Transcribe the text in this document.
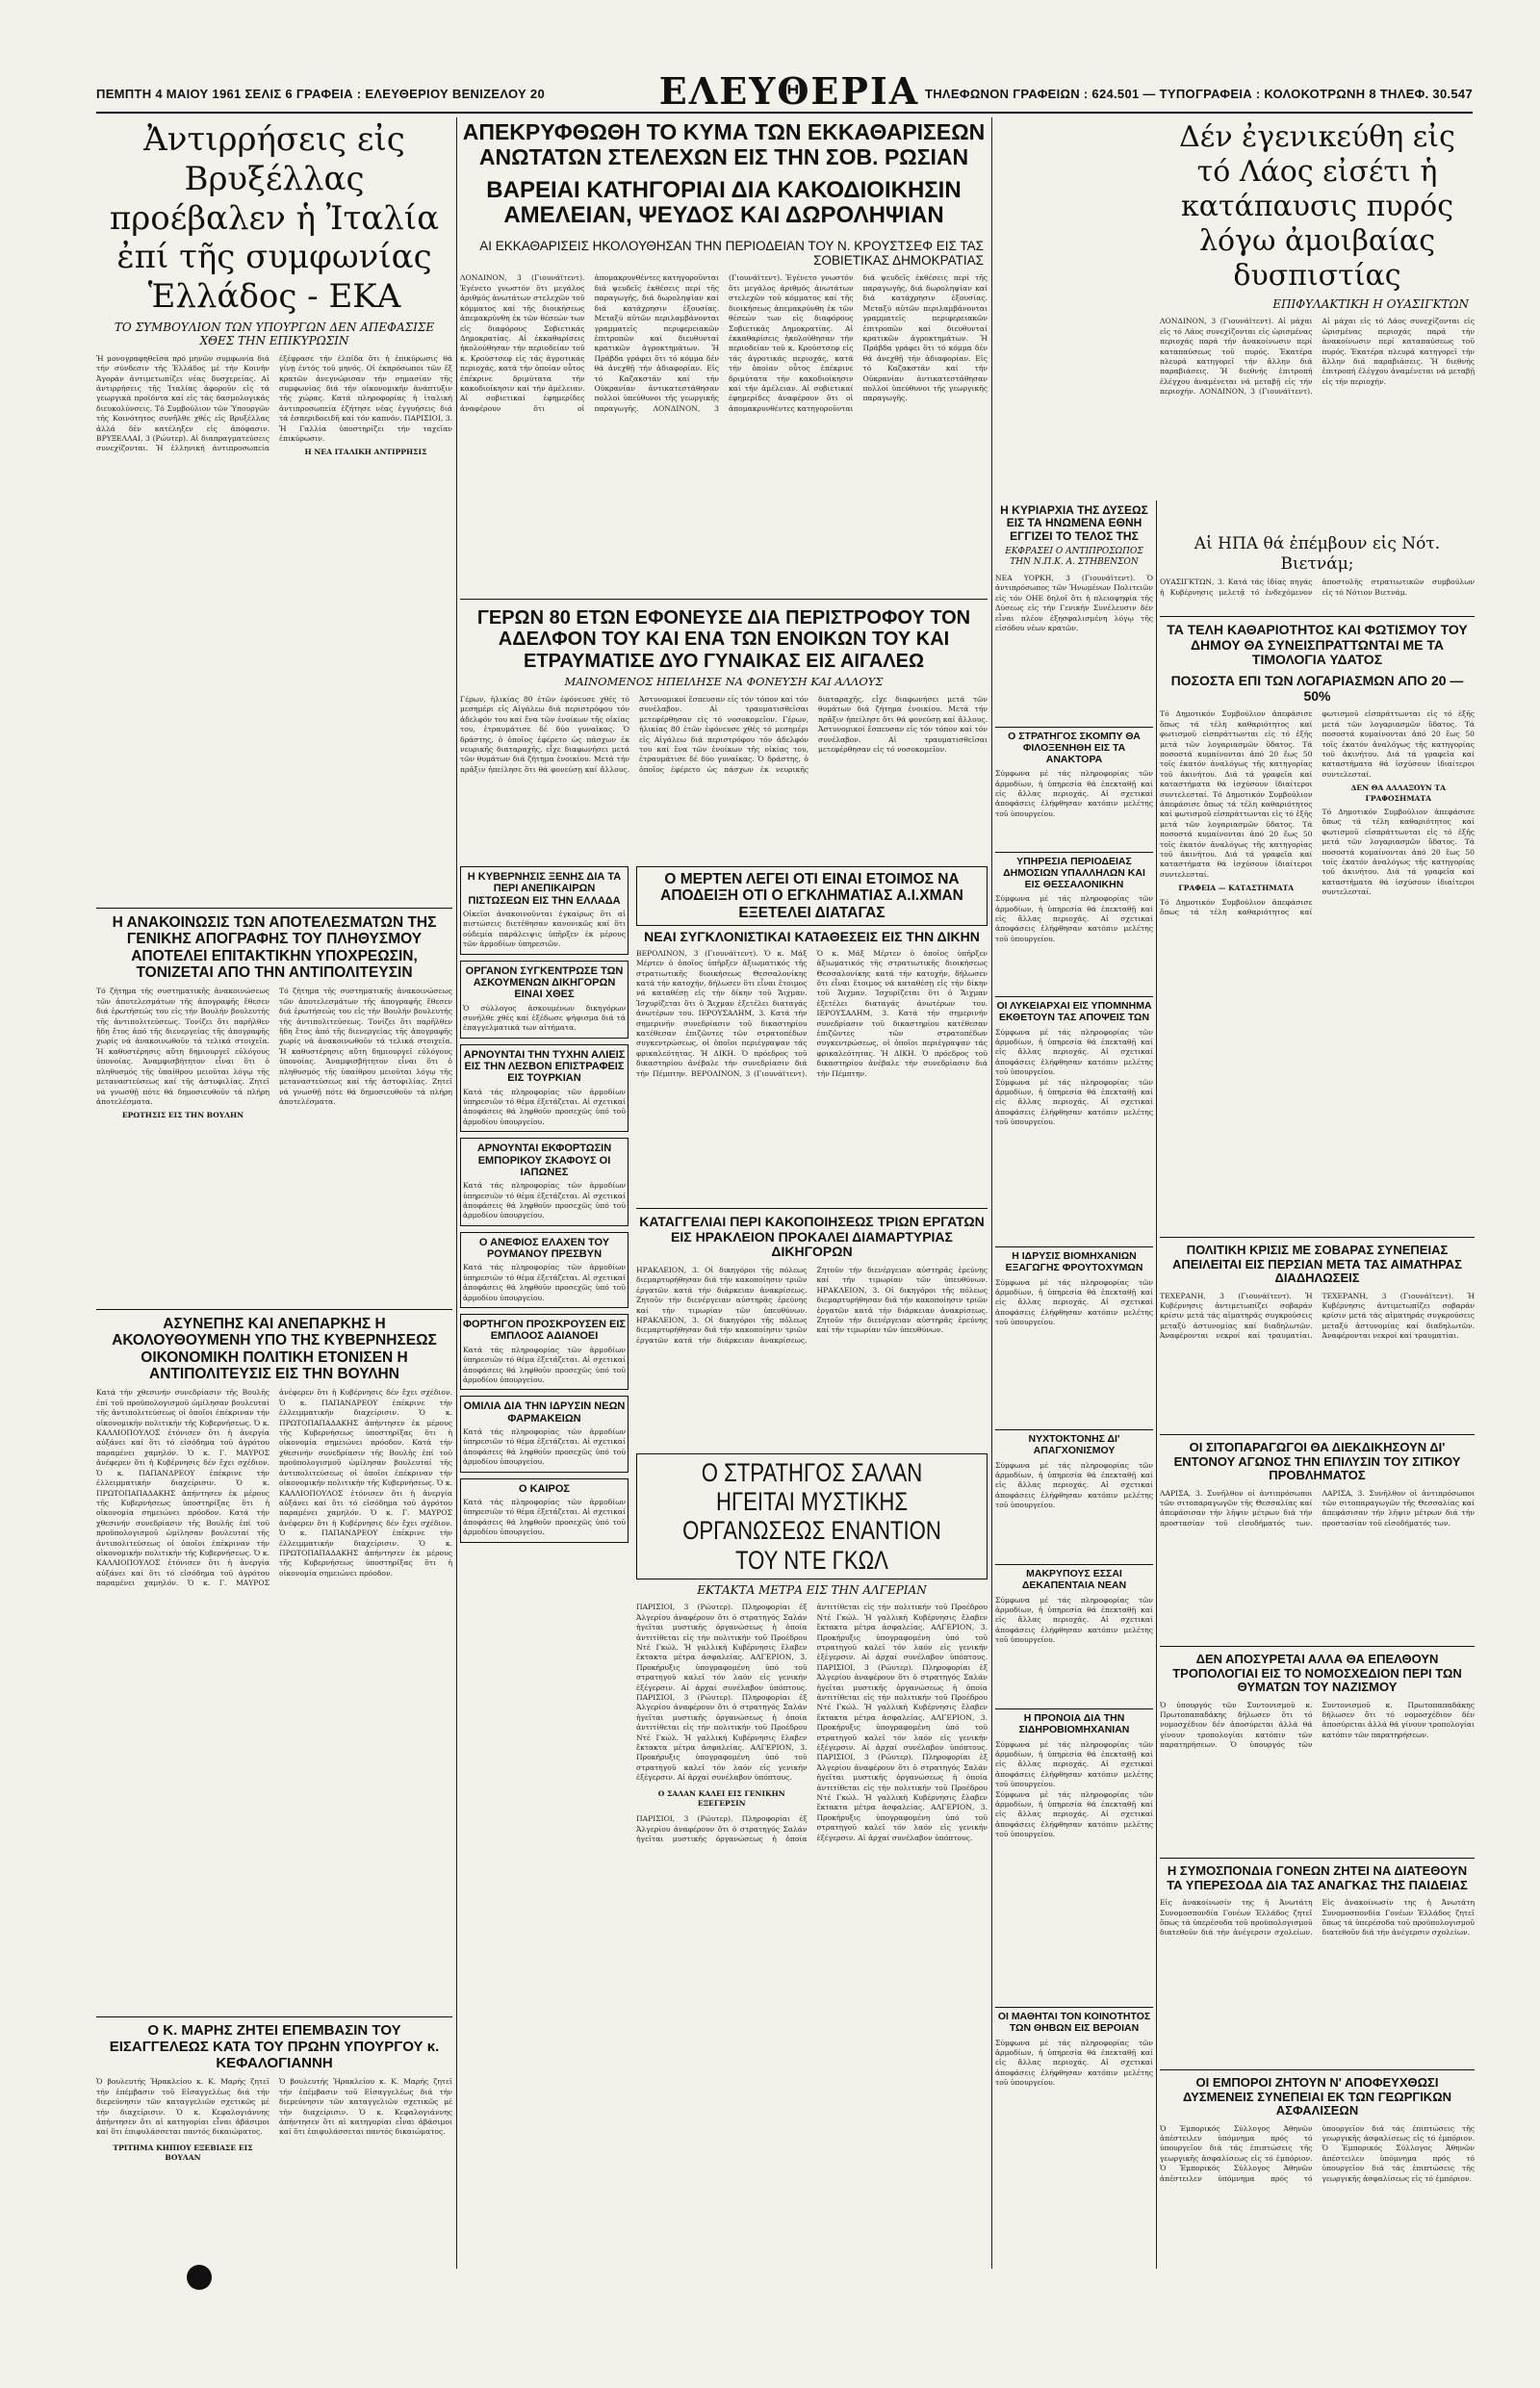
ΠΕΜΠΤΗ 4 ΜΑΙΟΥ 1961 ΣΕΛΙΣ 6 ΓΡΑΦΕΙΑ : ΕΛΕΥΘΕΡΙΟΥ ΒΕΝΙΖΕΛΟΥ 20	ΕΛΕΥΘΕΡΙΑ ΤΗΛΕΦΩΝΟΝ ΓΡΑΦΕΙΩΝ : 624.501 — ΤΥΠΟΓΡΑΦΕΙΑ : ΚΟΛΟΚΟΤΡΩΝΗ 8 ΤΗΛΕΦ. 30.547
Ἀντιρρήσεις εἰς Βρυξέλλας προέβαλεν ἡ Ἰταλία ἐπί τῆς συμφωνίας Ἑλλάδος - ΕΚΑ
ΤΟ ΣΥΜΒΟΥΛΙΟΝ ΤΩΝ ΥΠΟΥΡΓΩΝ ΔΕΝ ΑΠΕΦΑΣΙΣΕ ΧΘΕΣ ΤΗΝ ΕΠΙΚΥΡΩΣΙΝ
Ἡ μονογραφηθεῖσα πρό μηνῶν συμφωνία διά τήν σύνδεσιν τῆς Ἑλλάδος μέ τήν Κοινήν Ἀγοράν ἀντιμετωπίζει νέας δυσχερείας. Αἱ ἀντιρρήσεις τῆς Ἰταλίας ἀφοροῦν εἰς τά γεωργικά προϊόντα καί εἰς τάς δασμολογικάς διευκολύνσεις. Τό Συμβούλιον τῶν Ὑπουργῶν τῆς Κοινότητος συνῆλθε χθές εἰς Βρυξέλλας ἀλλά δέν κατέληξεν εἰς ἀπόφασιν. ΒΡΥΞΕΛΛΑΙ, 3 (Ρώυτερ). Αἱ διαπραγματεύσεις συνεχίζονται. Ἡ ἑλληνική ἀντιπροσωπεία ἐξέφρασε τήν ἐλπίδα ὅτι ἡ ἐπικύρωσις θά γίνῃ ἐντός τοῦ μηνός. Οἱ ἐκπρόσωποι τῶν ἕξ κρατῶν ἀνεγνώρισαν τήν σημασίαν τῆς συμφωνίας διά τήν οἰκονομικήν ἀνάπτυξιν τῆς χώρας. Κατά πληροφορίας ἡ ἰταλική ἀντιπροσωπεία ἐζήτησε νέας ἐγγυήσεις διά τά ἐσπεριδοειδῆ καί τόν καπνόν. ΠΑΡΙΣΙΟΙ, 3. Ἡ Γαλλία ὑποστηρίζει τήν ταχεῖαν ἐπικύρωσιν.
Η ΝΕΑ ΙΤΑΛΙΚΗ ΑΝΤΙΡΡΗΣΙΣ
Η ΑΝΑΚΟΙΝΩΣΙΣ ΤΩΝ ΑΠΟΤΕΛΕΣΜΑΤΩΝ ΤΗΣ ΓΕΝΙΚΗΣ ΑΠΟΓΡΑΦΗΣ ΤΟΥ ΠΛΗΘΥΣΜΟΥ ΑΠΟΤΕΛΕΙ ΕΠΙΤΑΚΤΙΚΗΝ ΥΠΟΧΡΕΩΣΙΝ, ΤΟΝΙΖΕΤΑΙ ΑΠΟ ΤΗΝ ΑΝΤΙΠΟΛΙΤΕΥΣΙΝ
Τό ζήτημα τῆς συστηματικῆς ἀνακοινώσεως τῶν ἀποτελεσμάτων τῆς ἀπογραφῆς ἔθεσεν διά ἐρωτήσεώς του εἰς τήν Βουλήν βουλευτής τῆς ἀντιπολιτεύσεως. Τονίζει ὅτι παρῆλθεν ἤδη ἔτος ἀπό τῆς διενεργείας τῆς ἀπογραφῆς χωρίς νά ἀνακοινωθοῦν τά τελικά στοιχεῖα. Ἡ καθυστέρησις αὕτη δημιουργεῖ εὐλόγους ὑπονοίας. Ἀναμφισβήτητον εἶναι ὅτι ὁ πληθυσμός τῆς ὑπαίθρου μειοῦται λόγῳ τῆς μεταναστεύσεως καί τῆς ἀστυφιλίας. Ζητεῖ νά γνωσθῇ πότε θά δημοσιευθοῦν τά πλήρη ἀποτελέσματα.
ΕΡΩΤΗΣΙΣ ΕΙΣ ΤΗΝ ΒΟΥΛΗΝ
Τό ζήτημα τῆς συστηματικῆς ἀνακοινώσεως τῶν ἀποτελεσμάτων τῆς ἀπογραφῆς ἔθεσεν διά ἐρωτήσεώς του εἰς τήν Βουλήν βουλευτής τῆς ἀντιπολιτεύσεως. Τονίζει ὅτι παρῆλθεν ἤδη ἔτος ἀπό τῆς διενεργείας τῆς ἀπογραφῆς χωρίς νά ἀνακοινωθοῦν τά τελικά στοιχεῖα. Ἡ καθυστέρησις αὕτη δημιουργεῖ εὐλόγους ὑπονοίας. Ἀναμφισβήτητον εἶναι ὅτι ὁ πληθυσμός τῆς ὑπαίθρου μειοῦται λόγῳ τῆς μεταναστεύσεως καί τῆς ἀστυφιλίας. Ζητεῖ νά γνωσθῇ πότε θά δημοσιευθοῦν τά πλήρη ἀποτελέσματα.
ΑΣΥΝΕΠΗΣ ΚΑΙ ΑΝΕΠΑΡΚΗΣ Η ΑΚΟΛΟΥΘΟΥΜΕΝΗ ΥΠΟ ΤΗΣ ΚΥΒΕΡΝΗΣΕΩΣ ΟΙΚΟΝΟΜΙΚΗ ΠΟΛΙΤΙΚΗ ΕΤΟΝΙΣΕΝ Η ΑΝΤΙΠΟΛΙΤΕΥΣΙΣ ΕΙΣ ΤΗΝ ΒΟΥΛΗΝ
Κατά τήν χθεσινήν συνεδρίασιν τῆς Βουλῆς ἐπί τοῦ προϋπολογισμοῦ ὡμίλησαν βουλευταί τῆς ἀντιπολιτεύσεως οἱ ὁποῖοι ἐπέκριναν τήν οἰκονομικήν πολιτικήν τῆς Κυβερνήσεως. Ὁ κ. ΚΑΛΛΙΟΠΟΥΛΟΣ ἐτόνισεν ὅτι ἡ ἀνεργία αὐξάνει καί ὅτι τό εἰσόδημα τοῦ ἀγρότου παραμένει χαμηλόν. Ὁ κ. Γ. ΜΑΥΡΟΣ ἀνέφερεν ὅτι ἡ Κυβέρνησις δέν ἔχει σχέδιον. Ὁ κ. ΠΑΠΑΝΔΡΕΟΥ ἐπέκρινε τήν ἐλλειμματικήν διαχείρισιν. Ὁ κ. ΠΡΩΤΟΠΑΠΑΔΑΚΗΣ ἀπήντησεν ἐκ μέρους τῆς Κυβερνήσεως ὑποστηρίξας ὅτι ἡ οἰκονομία σημειώνει πρόοδον. Κατά τήν χθεσινήν συνεδρίασιν τῆς Βουλῆς ἐπί τοῦ προϋπολογισμοῦ ὡμίλησαν βουλευταί τῆς ἀντιπολιτεύσεως οἱ ὁποῖοι ἐπέκριναν τήν οἰκονομικήν πολιτικήν τῆς Κυβερνήσεως. Ὁ κ. ΚΑΛΛΙΟΠΟΥΛΟΣ ἐτόνισεν ὅτι ἡ ἀνεργία αὐξάνει καί ὅτι τό εἰσόδημα τοῦ ἀγρότου παραμένει χαμηλόν. Ὁ κ. Γ. ΜΑΥΡΟΣ ἀνέφερεν ὅτι ἡ Κυβέρνησις δέν ἔχει σχέδιον. Ὁ κ. ΠΑΠΑΝΔΡΕΟΥ ἐπέκρινε τήν ἐλλειμματικήν διαχείρισιν. Ὁ κ. ΠΡΩΤΟΠΑΠΑΔΑΚΗΣ ἀπήντησεν ἐκ μέρους τῆς Κυβερνήσεως ὑποστηρίξας ὅτι ἡ οἰκονομία σημειώνει πρόοδον. Κατά τήν χθεσινήν συνεδρίασιν τῆς Βουλῆς ἐπί τοῦ προϋπολογισμοῦ ὡμίλησαν βουλευταί τῆς ἀντιπολιτεύσεως οἱ ὁποῖοι ἐπέκριναν τήν οἰκονομικήν πολιτικήν τῆς Κυβερνήσεως. Ὁ κ. ΚΑΛΛΙΟΠΟΥΛΟΣ ἐτόνισεν ὅτι ἡ ἀνεργία αὐξάνει καί ὅτι τό εἰσόδημα τοῦ ἀγρότου παραμένει χαμηλόν. Ὁ κ. Γ. ΜΑΥΡΟΣ ἀνέφερεν ὅτι ἡ Κυβέρνησις δέν ἔχει σχέδιον. Ὁ κ. ΠΑΠΑΝΔΡΕΟΥ ἐπέκρινε τήν ἐλλειμματικήν διαχείρισιν. Ὁ κ. ΠΡΩΤΟΠΑΠΑΔΑΚΗΣ ἀπήντησεν ἐκ μέρους τῆς Κυβερνήσεως ὑποστηρίξας ὅτι ἡ οἰκονομία σημειώνει πρόοδον.
Ο Κ. ΜΑΡΗΣ ΖΗΤΕΙ ΕΠΕΜΒΑΣΙΝ ΤΟΥ ΕΙΣΑΓΓΕΛΕΩΣ ΚΑΤΑ ΤΟΥ ΠΡΩΗΝ ΥΠΟΥΡΓΟΥ κ. ΚΕΦΑΛΟΓΙΑΝΝΗ
Ὁ βουλευτής Ἡρακλείου κ. Κ. Μαρής ζητεῖ τήν ἐπέμβασιν τοῦ Εἰσαγγελέως διά τήν διερεύνησιν τῶν καταγγελιῶν σχετικῶς μέ τήν διαχείρισιν. Ὁ κ. Κεφαλογιάννης ἀπήντησεν ὅτι αἱ κατηγορίαι εἶναι ἀβάσιμοι καί ὅτι ἐπιφυλάσσεται παντός δικαιώματος.
ΤΡΙΤΗΜΑ ΚΗΠΙΟΥ ΕΞΕΒΙΑΣΕ ΕΙΣ ΒΟΥΛΑΝ
Ὁ βουλευτής Ἡρακλείου κ. Κ. Μαρής ζητεῖ τήν ἐπέμβασιν τοῦ Εἰσαγγελέως διά τήν διερεύνησιν τῶν καταγγελιῶν σχετικῶς μέ τήν διαχείρισιν. Ὁ κ. Κεφαλογιάννης ἀπήντησεν ὅτι αἱ κατηγορίαι εἶναι ἀβάσιμοι καί ὅτι ἐπιφυλάσσεται παντός δικαιώματος.
ΑΠΕΚΡΥΦΘΩΘΗ ΤΟ ΚΥΜΑ ΤΩΝ ΕΚΚΑΘΑΡΙΣΕΩΝ ΑΝΩΤΑΤΩΝ ΣΤΕΛΕΧΩΝ ΕΙΣ ΤΗΝ ΣΟΒ. ΡΩΣΙΑΝ
ΒΑΡΕΙΑΙ ΚΑΤΗΓΟΡΙΑΙ ΔΙΑ ΚΑΚΟΔΙΟΙΚΗΣΙΝ ΑΜΕΛΕΙΑΝ, ΨΕΥΔΟΣ ΚΑΙ ΔΩΡΟΛΗΨΙΑΝ
ΑΙ ΕΚΚΑΘΑΡΙΣΕΙΣ ΗΚΟΛΟΥΘΗΣΑΝ ΤΗΝ ΠΕΡΙΟΔΕΙΑΝ ΤΟΥ Ν. ΚΡΟΥΣΤΣΕΦ ΕΙΣ ΤΑΣ ΣΟΒΙΕΤΙΚΑΣ ΔΗΜΟΚΡΑΤΙΑΣ
ΛΟΝΔΙΝΟΝ, 3 (Γιουνάϊτεντ). Ἐγένετο γνωστόν ὅτι μεγάλος ἀριθμός ἀνωτάτων στελεχῶν τοῦ κόμματος καί τῆς διοικήσεως ἀπεμακρύνθη ἐκ τῶν θέσεών των εἰς διαφόρους Σοβιετικάς Δημοκρατίας. Αἱ ἐκκαθαρίσεις ἠκολούθησαν τήν περιοδείαν τοῦ κ. Κρούστσεφ εἰς τάς ἀγροτικάς περιοχάς, κατά τήν ὁποίαν οὗτος ἐπέκρινε δριμύτατα τήν κακοδιοίκησιν καί τήν ἀμέλειαν. Αἱ σοβιετικαί ἐφημερίδες ἀναφέρουν ὅτι οἱ ἀπομακρυνθέντες κατηγοροῦνται διά ψευδεῖς ἐκθέσεις περί τῆς παραγωγῆς, διά δωροληψίαν καί διά κατάχρησιν ἐξουσίας. Μεταξύ αὐτῶν περιλαμβάνονται γραμματεῖς περιφερειακῶν ἐπιτροπῶν καί διευθυνταί κρατικῶν ἀγροκτημάτων. Ἡ Πράβδα γράφει ὅτι τό κόμμα δέν θά ἀνεχθῇ τήν ἀδιαφορίαν. Εἰς τό Καζακστάν καί τήν Οὐκρανίαν ἀντικατεστάθησαν πολλοί ὑπεύθυνοι τῆς γεωργικῆς παραγωγῆς. ΛΟΝΔΙΝΟΝ, 3 (Γιουνάϊτεντ). Ἐγένετο γνωστόν ὅτι μεγάλος ἀριθμός ἀνωτάτων στελεχῶν τοῦ κόμματος καί τῆς διοικήσεως ἀπεμακρύνθη ἐκ τῶν θέσεών των εἰς διαφόρους Σοβιετικάς Δημοκρατίας. Αἱ ἐκκαθαρίσεις ἠκολούθησαν τήν περιοδείαν τοῦ κ. Κρούστσεφ εἰς τάς ἀγροτικάς περιοχάς, κατά τήν ὁποίαν οὗτος ἐπέκρινε δριμύτατα τήν κακοδιοίκησιν καί τήν ἀμέλειαν. Αἱ σοβιετικαί ἐφημερίδες ἀναφέρουν ὅτι οἱ ἀπομακρυνθέντες κατηγοροῦνται διά ψευδεῖς ἐκθέσεις περί τῆς παραγωγῆς, διά δωροληψίαν καί διά κατάχρησιν ἐξουσίας. Μεταξύ αὐτῶν περιλαμβάνονται γραμματεῖς περιφερειακῶν ἐπιτροπῶν καί διευθυνταί κρατικῶν ἀγροκτημάτων. Ἡ Πράβδα γράφει ὅτι τό κόμμα δέν θά ἀνεχθῇ τήν ἀδιαφορίαν. Εἰς τό Καζακστάν καί τήν Οὐκρανίαν ἀντικατεστάθησαν πολλοί ὑπεύθυνοι τῆς γεωργικῆς παραγωγῆς.
ΓΕΡΩΝ 80 ΕΤΩΝ ΕΦΟΝΕΥΣΕ ΔΙΑ ΠΕΡΙΣΤΡΟΦΟΥ ΤΟΝ ΑΔΕΛΦΟΝ ΤΟΥ ΚΑΙ ΕΝΑ ΤΩΝ ΕΝΟΙΚΩΝ ΤΟΥ ΚΑΙ ΕΤΡΑΥΜΑΤΙΣΕ ΔΥΟ ΓΥΝΑΙΚΑΣ ΕΙΣ ΑΙΓΑΛΕΩ
ΜΑΙΝΟΜΕΝΟΣ ΗΠΕΙΛΗΣΕ ΝΑ ΦΟΝΕΥΣΗ ΚΑΙ ΑΛΛΟΥΣ
Γέρων, ἡλικίας 80 ἐτῶν ἐφόνευσε χθές τό μεσημέρι εἰς Αἰγάλεω διά περιστρόφου τόν ἀδελφόν του καί ἕνα τῶν ἐνοίκων τῆς οἰκίας του, ἐτραυμάτισε δέ δύο γυναῖκας. Ὁ δράστης, ὁ ὁποῖος ἐφέρετο ὡς πάσχων ἐκ νευρικῆς διαταραχῆς, εἶχε διαφωνήσει μετά τῶν θυμάτων διά ζήτημα ἐνοικίου. Μετά τήν πρᾶξιν ἠπείλησε ὅτι θά φονεύσῃ καί ἄλλους. Ἀστυνομικοί ἔσπευσαν εἰς τόν τόπον καί τόν συνέλαβον. Αἱ τραυματισθεῖσαι μετεφέρθησαν εἰς τό νοσοκομεῖον. Γέρων, ἡλικίας 80 ἐτῶν ἐφόνευσε χθές τό μεσημέρι εἰς Αἰγάλεω διά περιστρόφου τόν ἀδελφόν του καί ἕνα τῶν ἐνοίκων τῆς οἰκίας του, ἐτραυμάτισε δέ δύο γυναῖκας. Ὁ δράστης, ὁ ὁποῖος ἐφέρετο ὡς πάσχων ἐκ νευρικῆς διαταραχῆς, εἶχε διαφωνήσει μετά τῶν θυμάτων διά ζήτημα ἐνοικίου. Μετά τήν πρᾶξιν ἠπείλησε ὅτι θά φονεύσῃ καί ἄλλους. Ἀστυνομικοί ἔσπευσαν εἰς τόν τόπον καί τόν συνέλαβον. Αἱ τραυματισθεῖσαι μετεφέρθησαν εἰς τό νοσοκομεῖον.
Η ΚΥΒΕΡΝΗΣΙΣ ΞΕΝΗΣ ΔΙΑ ΤΑ ΠΕΡΙ ΑΝΕΠΙΚΑΙΡΩΝ ΠΙΣΤΩΣΕΩΝ ΕΙΣ ΤΗΝ ΕΛΛΑΔΑ
Οἰκεῖοι ἀνακοινοῦνται ἐγκαίρως ὅτι αἱ πιστώσεις διετέθησαν κανονικῶς καί ὅτι οὐδεμία παράλειψις ὑπῆρξεν ἐκ μέρους τῶν ἁρμοδίων ὑπηρεσιῶν.
ΟΡΓΑΝΟΝ ΣΥΓΚΕΝΤΡΩΣΕ ΤΩΝ ΑΣΚΟΥΜΕΝΩΝ ΔΙΚΗΓΟΡΩΝ ΕΙΝΑΙ ΧΘΕΣ
Ὁ σύλλογος ἀσκουμένων δικηγόρων συνῆλθε χθές καί ἐξέδωσε ψήφισμα διά τά ἐπαγγελματικά των αἰτήματα.
ΑΡΝΟΥΝΤΑΙ ΤΗΝ ΤΥΧΗΝ ΑΛΙΕΙΣ ΕΙΣ ΤΗΝ ΛΕΣΒΟΝ ΕΠΙΣΤΡΑΦΕΙΣ ΕΙΣ ΤΟΥΡΚΙΑΝ
Κατά τάς πληροφορίας τῶν ἁρμοδίων ὑπηρεσιῶν τό θέμα ἐξετάζεται. Αἱ σχετικαί ἀποφάσεις θά ληφθοῦν προσεχῶς ὑπό τοῦ ἁρμοδίου ὑπουργείου.
ΑΡΝΟΥΝΤΑΙ ΕΚΦΟΡΤΩΣΙΝ ΕΜΠΟΡΙΚΟΥ ΣΚΑΦΟΥΣ ΟΙ ΙΑΠΩΝΕΣ
Κατά τάς πληροφορίας τῶν ἁρμοδίων ὑπηρεσιῶν τό θέμα ἐξετάζεται. Αἱ σχετικαί ἀποφάσεις θά ληφθοῦν προσεχῶς ὑπό τοῦ ἁρμοδίου ὑπουργείου.
Ο ΑΝΕΦΙΟΣ ΕΛΑΧΕΝ ΤΟΥ ΡΟΥΜΑΝΟΥ ΠΡΕΣΒΥΝ
Κατά τάς πληροφορίας τῶν ἁρμοδίων ὑπηρεσιῶν τό θέμα ἐξετάζεται. Αἱ σχετικαί ἀποφάσεις θά ληφθοῦν προσεχῶς ὑπό τοῦ ἁρμοδίου ὑπουργείου.
ΦΟΡΤΗΓΟΝ ΠΡΟΣΚΡΟΥΣΕΝ ΕΙΣ ΕΜΠΛΟΟΣ ΑΔΙΑΝΟΕΙ
Κατά τάς πληροφορίας τῶν ἁρμοδίων ὑπηρεσιῶν τό θέμα ἐξετάζεται. Αἱ σχετικαί ἀποφάσεις θά ληφθοῦν προσεχῶς ὑπό τοῦ ἁρμοδίου ὑπουργείου.
ΟΜΙΛΙΑ ΔΙΑ ΤΗΝ ΙΔΡΥΣΙΝ ΝΕΩΝ ΦΑΡΜΑΚΕΙΩΝ
Κατά τάς πληροφορίας τῶν ἁρμοδίων ὑπηρεσιῶν τό θέμα ἐξετάζεται. Αἱ σχετικαί ἀποφάσεις θά ληφθοῦν προσεχῶς ὑπό τοῦ ἁρμοδίου ὑπουργείου.
Ο ΚΑΙΡΟΣ
Κατά τάς πληροφορίας τῶν ἁρμοδίων ὑπηρεσιῶν τό θέμα ἐξετάζεται. Αἱ σχετικαί ἀποφάσεις θά ληφθοῦν προσεχῶς ὑπό τοῦ ἁρμοδίου ὑπουργείου.
Ο ΜΕΡΤΕΝ ΛΕΓΕΙ ΟΤΙ ΕΙΝΑΙ ΕΤΟΙΜΟΣ ΝΑ ΑΠΟΔΕΙΞΗ ΟΤΙ Ο ΕΓΚΛΗΜΑΤΙΑΣ Α.Ι.ΧΜΑΝ ΕΞΕΤΕΛΕΙ ΔΙΑΤΑΓΑΣ
ΝΕΑΙ ΣΥΓΚΛΟΝΙΣΤΙΚΑΙ ΚΑΤΑΘΕΣΕΙΣ ΕΙΣ ΤΗΝ ΔΙΚΗΝ
ΒΕΡΟΛΙΝΟΝ, 3 (Γιουνάϊτεντ). Ὁ κ. Μάξ Μέρτεν ὁ ὁποῖος ὑπῆρξεν ἀξιωματικός τῆς στρατιωτικῆς διοικήσεως Θεσσαλονίκης κατά τήν κατοχήν, δήλωσεν ὅτι εἶναι ἕτοιμος νά καταθέσῃ εἰς τήν δίκην τοῦ Ἄιχμαν. Ἰσχυρίζεται ὅτι ὁ Ἄιχμαν ἐξετέλει διαταγάς ἀνωτέρων του. ΙΕΡΟΥΣΑΛΗΜ, 3. Κατά τήν σημερινήν συνεδρίασιν τοῦ δικαστηρίου κατέθεσαν ἐπιζῶντες τῶν στρατοπέδων συγκεντρώσεως, οἱ ὁποῖοι περιέγραψαν τάς φρικαλεότητας. Ἡ ΔΙΚΗ. Ὁ πρόεδρος τοῦ δικαστηρίου ἀνέβαλε τήν συνεδρίασιν διά τήν Πέμπτην. ΒΕΡΟΛΙΝΟΝ, 3 (Γιουνάϊτεντ). Ὁ κ. Μάξ Μέρτεν ὁ ὁποῖος ὑπῆρξεν ἀξιωματικός τῆς στρατιωτικῆς διοικήσεως Θεσσαλονίκης κατά τήν κατοχήν, δήλωσεν ὅτι εἶναι ἕτοιμος νά καταθέσῃ εἰς τήν δίκην τοῦ Ἄιχμαν. Ἰσχυρίζεται ὅτι ὁ Ἄιχμαν ἐξετέλει διαταγάς ἀνωτέρων του. ΙΕΡΟΥΣΑΛΗΜ, 3. Κατά τήν σημερινήν συνεδρίασιν τοῦ δικαστηρίου κατέθεσαν ἐπιζῶντες τῶν στρατοπέδων συγκεντρώσεως, οἱ ὁποῖοι περιέγραψαν τάς φρικαλεότητας. Ἡ ΔΙΚΗ. Ὁ πρόεδρος τοῦ δικαστηρίου ἀνέβαλε τήν συνεδρίασιν διά τήν Πέμπτην.
ΚΑΤΑΓΓΕΛΙΑΙ ΠΕΡΙ ΚΑΚΟΠΟΙΗΣΕΩΣ ΤΡΙΩΝ ΕΡΓΑΤΩΝ ΕΙΣ ΗΡΑΚΛΕΙΟΝ ΠΡΟΚΑΛΕΙ ΔΙΑΜΑΡΤΥΡΙΑΣ ΔΙΚΗΓΟΡΩΝ
ΗΡΑΚΛΕΙΟΝ, 3. Οἱ δικηγόροι τῆς πόλεως διεμαρτυρήθησαν διά τήν κακοποίησιν τριῶν ἐργατῶν κατά τήν διάρκειαν ἀνακρίσεως. Ζητοῦν τήν διενέργειαν αὐστηρᾶς ἐρεύνης καί τήν τιμωρίαν τῶν ὑπευθύνων. ΗΡΑΚΛΕΙΟΝ, 3. Οἱ δικηγόροι τῆς πόλεως διεμαρτυρήθησαν διά τήν κακοποίησιν τριῶν ἐργατῶν κατά τήν διάρκειαν ἀνακρίσεως. Ζητοῦν τήν διενέργειαν αὐστηρᾶς ἐρεύνης καί τήν τιμωρίαν τῶν ὑπευθύνων. ΗΡΑΚΛΕΙΟΝ, 3. Οἱ δικηγόροι τῆς πόλεως διεμαρτυρήθησαν διά τήν κακοποίησιν τριῶν ἐργατῶν κατά τήν διάρκειαν ἀνακρίσεως. Ζητοῦν τήν διενέργειαν αὐστηρᾶς ἐρεύνης καί τήν τιμωρίαν τῶν ὑπευθύνων.
Ο ΣΤΡΑΤΗΓΟΣ ΣΑΛΑΝ ΗΓΕΙΤΑΙ ΜΥΣΤΙΚΗΣ ΟΡΓΑΝΩΣΕΩΣ ΕΝΑΝΤΙΟΝ ΤΟΥ ΝΤΕ ΓΚΩΛ
ΕΚΤΑΚΤΑ ΜΕΤΡΑ ΕΙΣ ΤΗΝ ΑΛΓΕΡΙΑΝ
ΠΑΡΙΣΙΟΙ, 3 (Ρώυτερ). Πληροφορίαι ἐξ Ἀλγερίου ἀναφέρουν ὅτι ὁ στρατηγός Σαλάν ἡγεῖται μυστικῆς ὀργανώσεως ἡ ὁποία ἀντιτίθεται εἰς τήν πολιτικήν τοῦ Προέδρου Ντέ Γκώλ. Ἡ γαλλική Κυβέρνησις ἔλαβεν ἔκτακτα μέτρα ἀσφαλείας. ΑΛΓΕΡΙΟΝ, 3. Προκήρυξις ὑπογραφομένη ὑπό τοῦ στρατηγοῦ καλεῖ τόν λαόν εἰς γενικήν ἐξέγερσιν. Αἱ ἀρχαί συνέλαβον ὑπόπτους. ΠΑΡΙΣΙΟΙ, 3 (Ρώυτερ). Πληροφορίαι ἐξ Ἀλγερίου ἀναφέρουν ὅτι ὁ στρατηγός Σαλάν ἡγεῖται μυστικῆς ὀργανώσεως ἡ ὁποία ἀντιτίθεται εἰς τήν πολιτικήν τοῦ Προέδρου Ντέ Γκώλ. Ἡ γαλλική Κυβέρνησις ἔλαβεν ἔκτακτα μέτρα ἀσφαλείας. ΑΛΓΕΡΙΟΝ, 3. Προκήρυξις ὑπογραφομένη ὑπό τοῦ στρατηγοῦ καλεῖ τόν λαόν εἰς γενικήν ἐξέγερσιν. Αἱ ἀρχαί συνέλαβον ὑπόπτους.
Ο ΣΑΛΑΝ ΚΑΛΕΙ ΕΙΣ ΓΕΝΙΚΗΝ ΕΞΕΓΕΡΣΙΝ
ΠΑΡΙΣΙΟΙ, 3 (Ρώυτερ). Πληροφορίαι ἐξ Ἀλγερίου ἀναφέρουν ὅτι ὁ στρατηγός Σαλάν ἡγεῖται μυστικῆς ὀργανώσεως ἡ ὁποία ἀντιτίθεται εἰς τήν πολιτικήν τοῦ Προέδρου Ντέ Γκώλ. Ἡ γαλλική Κυβέρνησις ἔλαβεν ἔκτακτα μέτρα ἀσφαλείας. ΑΛΓΕΡΙΟΝ, 3. Προκήρυξις ὑπογραφομένη ὑπό τοῦ στρατηγοῦ καλεῖ τόν λαόν εἰς γενικήν ἐξέγερσιν. Αἱ ἀρχαί συνέλαβον ὑπόπτους. ΠΑΡΙΣΙΟΙ, 3 (Ρώυτερ). Πληροφορίαι ἐξ Ἀλγερίου ἀναφέρουν ὅτι ὁ στρατηγός Σαλάν ἡγεῖται μυστικῆς ὀργανώσεως ἡ ὁποία ἀντιτίθεται εἰς τήν πολιτικήν τοῦ Προέδρου Ντέ Γκώλ. Ἡ γαλλική Κυβέρνησις ἔλαβεν ἔκτακτα μέτρα ἀσφαλείας. ΑΛΓΕΡΙΟΝ, 3. Προκήρυξις ὑπογραφομένη ὑπό τοῦ στρατηγοῦ καλεῖ τόν λαόν εἰς γενικήν ἐξέγερσιν. Αἱ ἀρχαί συνέλαβον ὑπόπτους. ΠΑΡΙΣΙΟΙ, 3 (Ρώυτερ). Πληροφορίαι ἐξ Ἀλγερίου ἀναφέρουν ὅτι ὁ στρατηγός Σαλάν ἡγεῖται μυστικῆς ὀργανώσεως ἡ ὁποία ἀντιτίθεται εἰς τήν πολιτικήν τοῦ Προέδρου Ντέ Γκώλ. Ἡ γαλλική Κυβέρνησις ἔλαβεν ἔκτακτα μέτρα ἀσφαλείας. ΑΛΓΕΡΙΟΝ, 3. Προκήρυξις ὑπογραφομένη ὑπό τοῦ στρατηγοῦ καλεῖ τόν λαόν εἰς γενικήν ἐξέγερσιν. Αἱ ἀρχαί συνέλαβον ὑπόπτους.
Η ΚΥΡΙΑΡΧΙΑ ΤΗΣ ΔΥΣΕΩΣ ΕΙΣ ΤΑ ΗΝΩΜΕΝΑ ΕΘΝΗ ΕΓΓΙΖΕΙ ΤΟ ΤΕΛΟΣ ΤΗΣ
ΕΚΦΡΑΣΕΙ Ο ΑΝΤΙΠΡΟΣΩΠΟΣ ΤΗΝ Ν.Π.Κ. Α. ΣΤΗΒΕΝΣΟΝ
ΝΕΑ ΥΟΡΚΗ, 3 (Γιουνάϊτεντ). Ὁ ἀντιπρόσωπος τῶν Ἡνωμένων Πολιτειῶν εἰς τόν ΟΗΕ δηλοῖ ὅτι ἡ πλειοψηφία τῆς Δύσεως εἰς τήν Γενικήν Συνέλευσιν δέν εἶναι πλέον ἐξησφαλισμένη λόγῳ τῆς εἰσόδου νέων κρατῶν.
Ο ΣΤΡΑΤΗΓΟΣ ΣΚΟΜΠΥ ΘΑ ΦΙΛΟΞΕΝΗΘΗ ΕΙΣ ΤΑ ΑΝΑΚΤΟΡΑ
Σύμφωνα μέ τάς πληροφορίας τῶν ἁρμοδίων, ἡ ὑπηρεσία θά ἐπεκταθῇ καί εἰς ἄλλας περιοχάς. Αἱ σχετικαί ἀποφάσεις ἐλήφθησαν κατόπιν μελέτης τοῦ ὑπουργείου.
ΥΠΗΡΕΣΙΑ ΠΕΡΙΟΔΕΙΑΣ ΔΗΜΟΣΙΩΝ ΥΠΑΛΛΗΛΩΝ ΚΑΙ ΕΙΣ ΘΕΣΣΑΛΟΝΙΚΗΝ
Σύμφωνα μέ τάς πληροφορίας τῶν ἁρμοδίων, ἡ ὑπηρεσία θά ἐπεκταθῇ καί εἰς ἄλλας περιοχάς. Αἱ σχετικαί ἀποφάσεις ἐλήφθησαν κατόπιν μελέτης τοῦ ὑπουργείου.
ΟΙ ΛΥΚΕΙΑΡΧΑΙ ΕΙΣ ΥΠΟΜΝΗΜΑ ΕΚΘΕΤΟΥΝ ΤΑΣ ΑΠΟΨΕΙΣ ΤΩΝ
Σύμφωνα μέ τάς πληροφορίας τῶν ἁρμοδίων, ἡ ὑπηρεσία θά ἐπεκταθῇ καί εἰς ἄλλας περιοχάς. Αἱ σχετικαί ἀποφάσεις ἐλήφθησαν κατόπιν μελέτης τοῦ ὑπουργείου.
Σύμφωνα μέ τάς πληροφορίας τῶν ἁρμοδίων, ἡ ὑπηρεσία θά ἐπεκταθῇ καί εἰς ἄλλας περιοχάς. Αἱ σχετικαί ἀποφάσεις ἐλήφθησαν κατόπιν μελέτης τοῦ ὑπουργείου.
Η ΙΔΡΥΣΙΣ ΒΙΟΜΗΧΑΝΙΩΝ ΕΞΑΓΩΓΗΣ ΦΡΟΥΤΟΧΥΜΩΝ
Σύμφωνα μέ τάς πληροφορίας τῶν ἁρμοδίων, ἡ ὑπηρεσία θά ἐπεκταθῇ καί εἰς ἄλλας περιοχάς. Αἱ σχετικαί ἀποφάσεις ἐλήφθησαν κατόπιν μελέτης τοῦ ὑπουργείου.
ΝΥΧΤΟΚΤΟΝΗΣ ΔΙ' ΑΠΑΓΧΟΝΙΣΜΟΥ
Σύμφωνα μέ τάς πληροφορίας τῶν ἁρμοδίων, ἡ ὑπηρεσία θά ἐπεκταθῇ καί εἰς ἄλλας περιοχάς. Αἱ σχετικαί ἀποφάσεις ἐλήφθησαν κατόπιν μελέτης τοῦ ὑπουργείου.
ΜΑΚΡΥΠΟΥΣ ΕΣΣΑΙ ΔΕΚΑΠΕΝΤΑΙΑ ΝΕΑΝ
Σύμφωνα μέ τάς πληροφορίας τῶν ἁρμοδίων, ἡ ὑπηρεσία θά ἐπεκταθῇ καί εἰς ἄλλας περιοχάς. Αἱ σχετικαί ἀποφάσεις ἐλήφθησαν κατόπιν μελέτης τοῦ ὑπουργείου.
Η ΠΡΟΝΟΙΑ ΔΙΑ ΤΗΝ ΣΙΔΗΡΟΒΙΟΜΗΧΑΝΙΑΝ
Σύμφωνα μέ τάς πληροφορίας τῶν ἁρμοδίων, ἡ ὑπηρεσία θά ἐπεκταθῇ καί εἰς ἄλλας περιοχάς. Αἱ σχετικαί ἀποφάσεις ἐλήφθησαν κατόπιν μελέτης τοῦ ὑπουργείου.
Σύμφωνα μέ τάς πληροφορίας τῶν ἁρμοδίων, ἡ ὑπηρεσία θά ἐπεκταθῇ καί εἰς ἄλλας περιοχάς. Αἱ σχετικαί ἀποφάσεις ἐλήφθησαν κατόπιν μελέτης τοῦ ὑπουργείου.
ΟΙ ΜΑΘΗΤΑΙ ΤΟΝ ΚΟΙΝΟΤΗΤΟΣ ΤΩΝ ΘΗΒΩΝ ΕΙΣ ΒΕΡΟΙΑΝ
Σύμφωνα μέ τάς πληροφορίας τῶν ἁρμοδίων, ἡ ὑπηρεσία θά ἐπεκταθῇ καί εἰς ἄλλας περιοχάς. Αἱ σχετικαί ἀποφάσεις ἐλήφθησαν κατόπιν μελέτης τοῦ ὑπουργείου.
Δέν ἐγενικεύθη εἰς τό Λάος εἰσέτι ἡ κατάπαυσις πυρός λόγω ἀμοιβαίας δυσπιστίας
ΕΠΙΦΥΛΑΚΤΙΚΗ Η ΟΥΑΣΙΓΚΤΩΝ
ΛΟΝΔΙΝΟΝ, 3 (Γιουνάϊτεντ). Αἱ μάχαι εἰς τό Λάος συνεχίζονται εἰς ὡρισμένας περιοχάς παρά τήν ἀνακοίνωσιν περί καταπαύσεως τοῦ πυρός. Ἑκατέρα πλευρά κατηγορεῖ τήν ἄλλην διά παραβιάσεις. Ἡ διεθνής ἐπιτροπή ἐλέγχου ἀναμένεται νά μεταβῇ εἰς τήν περιοχήν. ΛΟΝΔΙΝΟΝ, 3 (Γιουνάϊτεντ). Αἱ μάχαι εἰς τό Λάος συνεχίζονται εἰς ὡρισμένας περιοχάς παρά τήν ἀνακοίνωσιν περί καταπαύσεως τοῦ πυρός. Ἑκατέρα πλευρά κατηγορεῖ τήν ἄλλην διά παραβιάσεις. Ἡ διεθνής ἐπιτροπή ἐλέγχου ἀναμένεται νά μεταβῇ εἰς τήν περιοχήν.
Αἱ ΗΠΑ θά ἐπέμβουν εἰς Νότ. Βιετνάμ;
ΟΥΑΣΙΓΚΤΩΝ, 3. Κατά τάς ἰδίας πηγάς ἡ Κυβέρνησις μελετᾷ τό ἐνδεχόμενον ἀποστολῆς στρατιωτικῶν συμβούλων εἰς τό Νότιον Βιετνάμ.
ΤΑ ΤΕΛΗ ΚΑΘΑΡΙΟΤΗΤΟΣ ΚΑΙ ΦΩΤΙΣΜΟΥ ΤΟΥ ΔΗΜΟΥ ΘΑ ΣΥΝΕΙΣΠΡΑΤΤΩΝΤΑΙ ΜΕ ΤΑ ΤΙΜΟΛΟΓΙΑ ΥΔΑΤΟΣ
ΠΟΣΟΣΤΑ ΕΠΙ ΤΩΝ ΛΟΓΑΡΙΑΣΜΩΝ ΑΠΟ 20 — 50%
Τό Δημοτικόν Συμβούλιον ἀπεφάσισε ὅπως τά τέλη καθαριότητος καί φωτισμοῦ εἰσπράττωνται εἰς τό ἑξῆς μετά τῶν λογαριασμῶν ὕδατος. Τά ποσοστά κυμαίνονται ἀπό 20 ἕως 50 τοῖς ἑκατόν ἀναλόγως τῆς κατηγορίας τοῦ ἀκινήτου. Διά τά γραφεῖα καί καταστήματα θά ἰσχύσουν ἰδιαίτεροι συντελεσταί. Τό Δημοτικόν Συμβούλιον ἀπεφάσισε ὅπως τά τέλη καθαριότητος καί φωτισμοῦ εἰσπράττωνται εἰς τό ἑξῆς μετά τῶν λογαριασμῶν ὕδατος. Τά ποσοστά κυμαίνονται ἀπό 20 ἕως 50 τοῖς ἑκατόν ἀναλόγως τῆς κατηγορίας τοῦ ἀκινήτου. Διά τά γραφεῖα καί καταστήματα θά ἰσχύσουν ἰδιαίτεροι συντελεσταί.
ΓΡΑΦΕΙΑ — ΚΑΤΑΣΤΗΜΑΤΑ
Τό Δημοτικόν Συμβούλιον ἀπεφάσισε ὅπως τά τέλη καθαριότητος καί φωτισμοῦ εἰσπράττωνται εἰς τό ἑξῆς μετά τῶν λογαριασμῶν ὕδατος. Τά ποσοστά κυμαίνονται ἀπό 20 ἕως 50 τοῖς ἑκατόν ἀναλόγως τῆς κατηγορίας τοῦ ἀκινήτου. Διά τά γραφεῖα καί καταστήματα θά ἰσχύσουν ἰδιαίτεροι συντελεσταί.
ΔΕΝ ΘΑ ΑΛΛΑΞΟΥΝ ΤΑ ΓΡΑΦΟΣΗΜΑΤΑ
Τό Δημοτικόν Συμβούλιον ἀπεφάσισε ὅπως τά τέλη καθαριότητος καί φωτισμοῦ εἰσπράττωνται εἰς τό ἑξῆς μετά τῶν λογαριασμῶν ὕδατος. Τά ποσοστά κυμαίνονται ἀπό 20 ἕως 50 τοῖς ἑκατόν ἀναλόγως τῆς κατηγορίας τοῦ ἀκινήτου. Διά τά γραφεῖα καί καταστήματα θά ἰσχύσουν ἰδιαίτεροι συντελεσταί.
ΠΟΛΙΤΙΚΗ ΚΡΙΣΙΣ ΜΕ ΣΟΒΑΡΑΣ ΣΥΝΕΠΕΙΑΣ ΑΠΕΙΛΕΙΤΑΙ ΕΙΣ ΠΕΡΣΙΑΝ ΜΕΤΑ ΤΑΣ ΑΙΜΑΤΗΡΑΣ ΔΙΑΔΗΛΩΣΕΙΣ
ΤΕΧΕΡΑΝΗ, 3 (Γιουνάϊτεντ). Ἡ Κυβέρνησις ἀντιμετωπίζει σοβαράν κρίσιν μετά τάς αἱματηράς συγκρούσεις μεταξύ ἀστυνομίας καί διαδηλωτῶν. Ἀναφέρονται νεκροί καί τραυματίαι. ΤΕΧΕΡΑΝΗ, 3 (Γιουνάϊτεντ). Ἡ Κυβέρνησις ἀντιμετωπίζει σοβαράν κρίσιν μετά τάς αἱματηράς συγκρούσεις μεταξύ ἀστυνομίας καί διαδηλωτῶν. Ἀναφέρονται νεκροί καί τραυματίαι.
ΟΙ ΣΙΤΟΠΑΡΑΓΩΓΟΙ ΘΑ ΔΙΕΚΔΙΚΗΣΟΥΝ ΔΙ' ΕΝΤΟΝΟΥ ΑΓΩΝΟΣ ΤΗΝ ΕΠΙΛΥΣΙΝ ΤΟΥ ΣΙΤΙΚΟΥ ΠΡΟΒΛΗΜΑΤΟΣ
ΛΑΡΙΣΑ, 3. Συνῆλθον οἱ ἀντιπρόσωποι τῶν σιτοπαραγωγῶν τῆς Θεσσαλίας καί ἀπεφάσισαν τήν λῆψιν μέτρων διά τήν προστασίαν τοῦ εἰσοδήματός των. ΛΑΡΙΣΑ, 3. Συνῆλθον οἱ ἀντιπρόσωποι τῶν σιτοπαραγωγῶν τῆς Θεσσαλίας καί ἀπεφάσισαν τήν λῆψιν μέτρων διά τήν προστασίαν τοῦ εἰσοδήματός των.
ΔΕΝ ΑΠΟΣΥΡΕΤΑΙ ΑΛΛΑ ΘΑ ΕΠΕΛΘΟΥΝ ΤΡΟΠΟΛΟΓΙΑΙ ΕΙΣ ΤΟ ΝΟΜΟΣΧΕΔΙΟΝ ΠΕΡΙ ΤΩΝ ΘΥΜΑΤΩΝ ΤΟΥ ΝΑΖΙΣΜΟΥ
Ὁ ὑπουργός τῶν Συντονισμοῦ κ. Πρωτοπαπαδάκης δήλωσεν ὅτι τό νομοσχέδιον δέν ἀποσύρεται ἀλλά θά γίνουν τροπολογίαι κατόπιν τῶν παρατηρήσεων. Ὁ ὑπουργός τῶν Συντονισμοῦ κ. Πρωτοπαπαδάκης δήλωσεν ὅτι τό νομοσχέδιον δέν ἀποσύρεται ἀλλά θά γίνουν τροπολογίαι κατόπιν τῶν παρατηρήσεων.
Η ΣΥΜΟΣΠΟΝΔΙΑ ΓΟΝΕΩΝ ΖΗΤΕΙ ΝΑ ΔΙΑΤΕΘΟΥΝ ΤΑ ΥΠΕΡΕΣΟΔΑ ΔΙΑ ΤΑΣ ΑΝΑΓΚΑΣ ΤΗΣ ΠΑΙΔΕΙΑΣ
Εἰς ἀνακοίνωσίν της ἡ Ἀνωτάτη Συνομοσπονδία Γονέων Ἑλλάδος ζητεῖ ὅπως τά ὑπερέσοδα τοῦ προϋπολογισμοῦ διατεθοῦν διά τήν ἀνέγερσιν σχολείων. Εἰς ἀνακοίνωσίν της ἡ Ἀνωτάτη Συνομοσπονδία Γονέων Ἑλλάδος ζητεῖ ὅπως τά ὑπερέσοδα τοῦ προϋπολογισμοῦ διατεθοῦν διά τήν ἀνέγερσιν σχολείων.
ΟΙ ΕΜΠΟΡΟΙ ΖΗΤΟΥΝ Ν' ΑΠΟΦΕΥΧΘΩΣΙ ΔΥΣΜΕΝΕΙΣ ΣΥΝΕΠΕΙΑΙ ΕΚ ΤΩΝ ΓΕΩΡΓΙΚΩΝ ΑΣΦΑΛΙΣΕΩΝ
Ὁ Ἐμπορικός Σύλλογος Ἀθηνῶν ἀπέστειλεν ὑπόμνημα πρός τό ὑπουργεῖον διά τάς ἐπιπτώσεις τῆς γεωργικῆς ἀσφαλίσεως εἰς τό ἐμπόριον. Ὁ Ἐμπορικός Σύλλογος Ἀθηνῶν ἀπέστειλεν ὑπόμνημα πρός τό ὑπουργεῖον διά τάς ἐπιπτώσεις τῆς γεωργικῆς ἀσφαλίσεως εἰς τό ἐμπόριον. Ὁ Ἐμπορικός Σύλλογος Ἀθηνῶν ἀπέστειλεν ὑπόμνημα πρός τό ὑπουργεῖον διά τάς ἐπιπτώσεις τῆς γεωργικῆς ἀσφαλίσεως εἰς τό ἐμπόριον.
